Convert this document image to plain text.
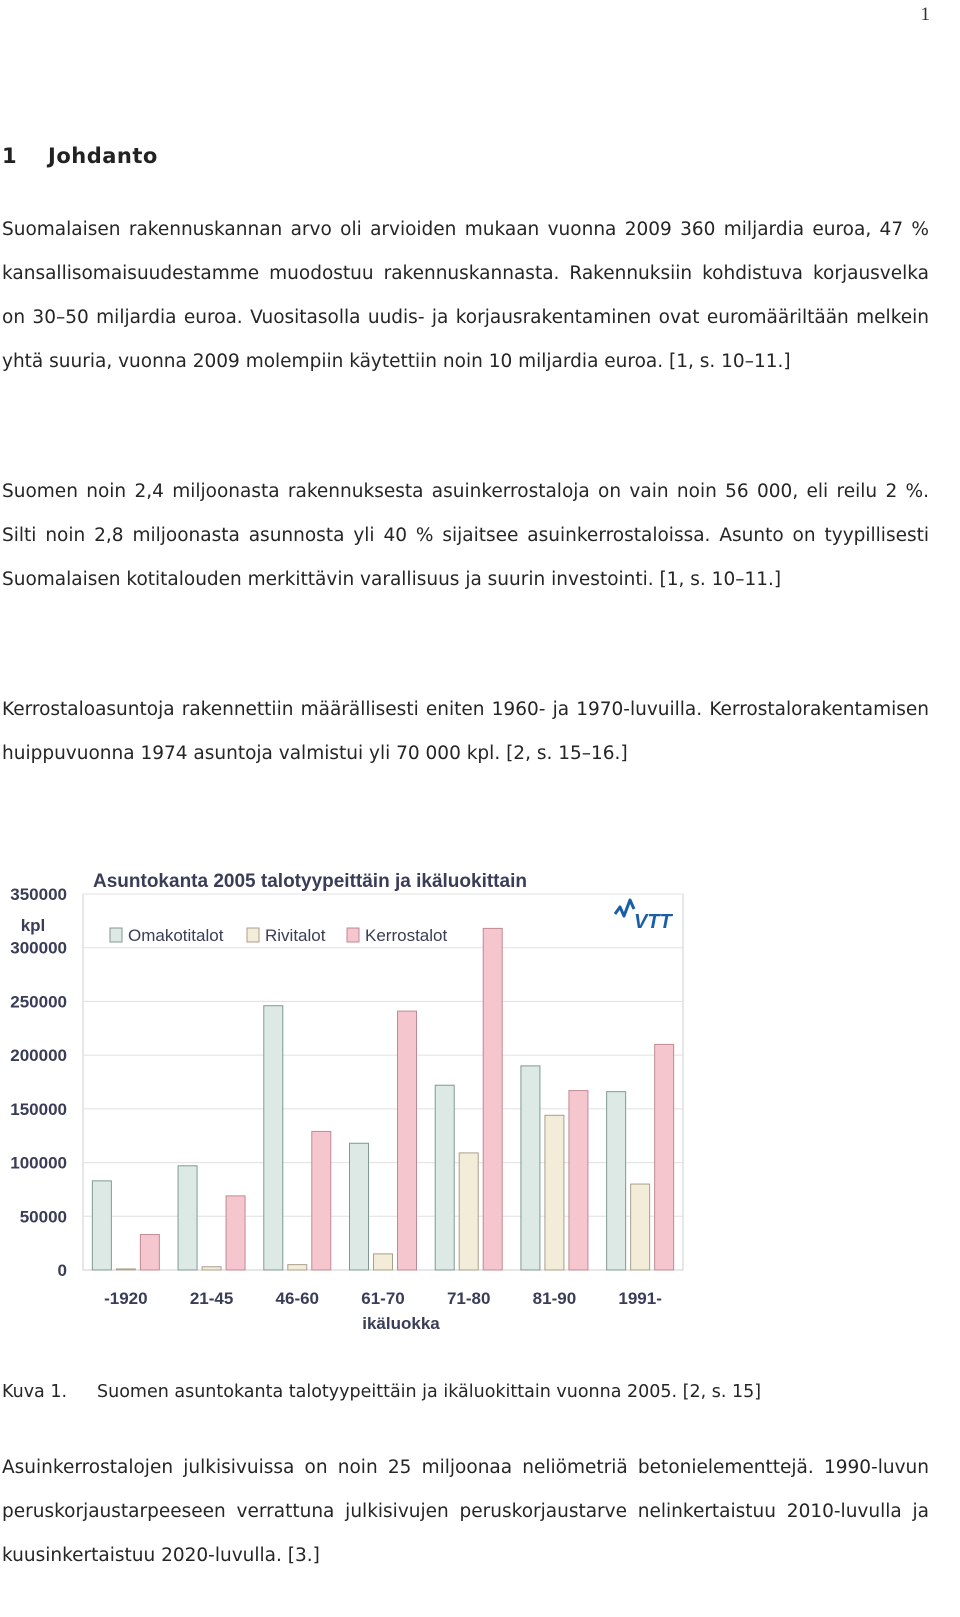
1
1 Johdanto

Suomalaisen rakennuskannan arvo oli arvioiden mukaan vuonna 2009 360 miljardia euroa, 47 % kansallisomaisuudestamme muodostuu rakennuskannasta. Rakennuksiin kohdistuva korjausvelka on 30–50 miljardia euroa. Vuositasolla uudis- ja korjausrakentaminen ovat euromääriltään melkein yhtä suuria, vuonna 2009 molempiin käytettiin noin 10 miljardia euroa. [1, s. 10–11.]

Suomen noin 2,4 miljoonasta rakennuksesta asuinkerrostaloja on vain noin 56 000, eli reilu 2 %. Silti noin 2,8 miljoonasta asunnosta yli 40 % sijaitsee asuinkerrostaloissa. Asunto on tyypillisesti Suomalaisen kotitalouden merkittävin varallisuus ja suurin investointi. [1, s. 10–11.]

Kerrostaloasuntoja rakennettiin määrällisesti eniten 1960- ja 1970-luvuilla. Kerrostalorakentamisen huippuvuonna 1974 asuntoja valmistui yli 70 000 kpl. [2, s. 15–16.]

0
50000
100000
150000
200000
250000
300000
350000
-1920 21-45 46-60 61-70 71-80 81-90 1991-
Asuntokanta 2005 talotyypeittäin ja ikäluokittain
kpl
ikäluokka
Omakotitalot Rivitalot Kerrostalot
VTT

Kuva 1. Suomen asuntokanta talotyypeittäin ja ikäluokittain vuonna 2005. [2, s. 15]

Asuinkerrostalojen julkisivuissa on noin 25 miljoonaa neliömetriä betonielementtejä. 1990-luvun peruskorjaustarpeeseen verrattuna julkisivujen peruskorjaustarve nelinkertaistuu 2010-luvulla ja kuusinkertaistuu 2020-luvulla. [3.]
